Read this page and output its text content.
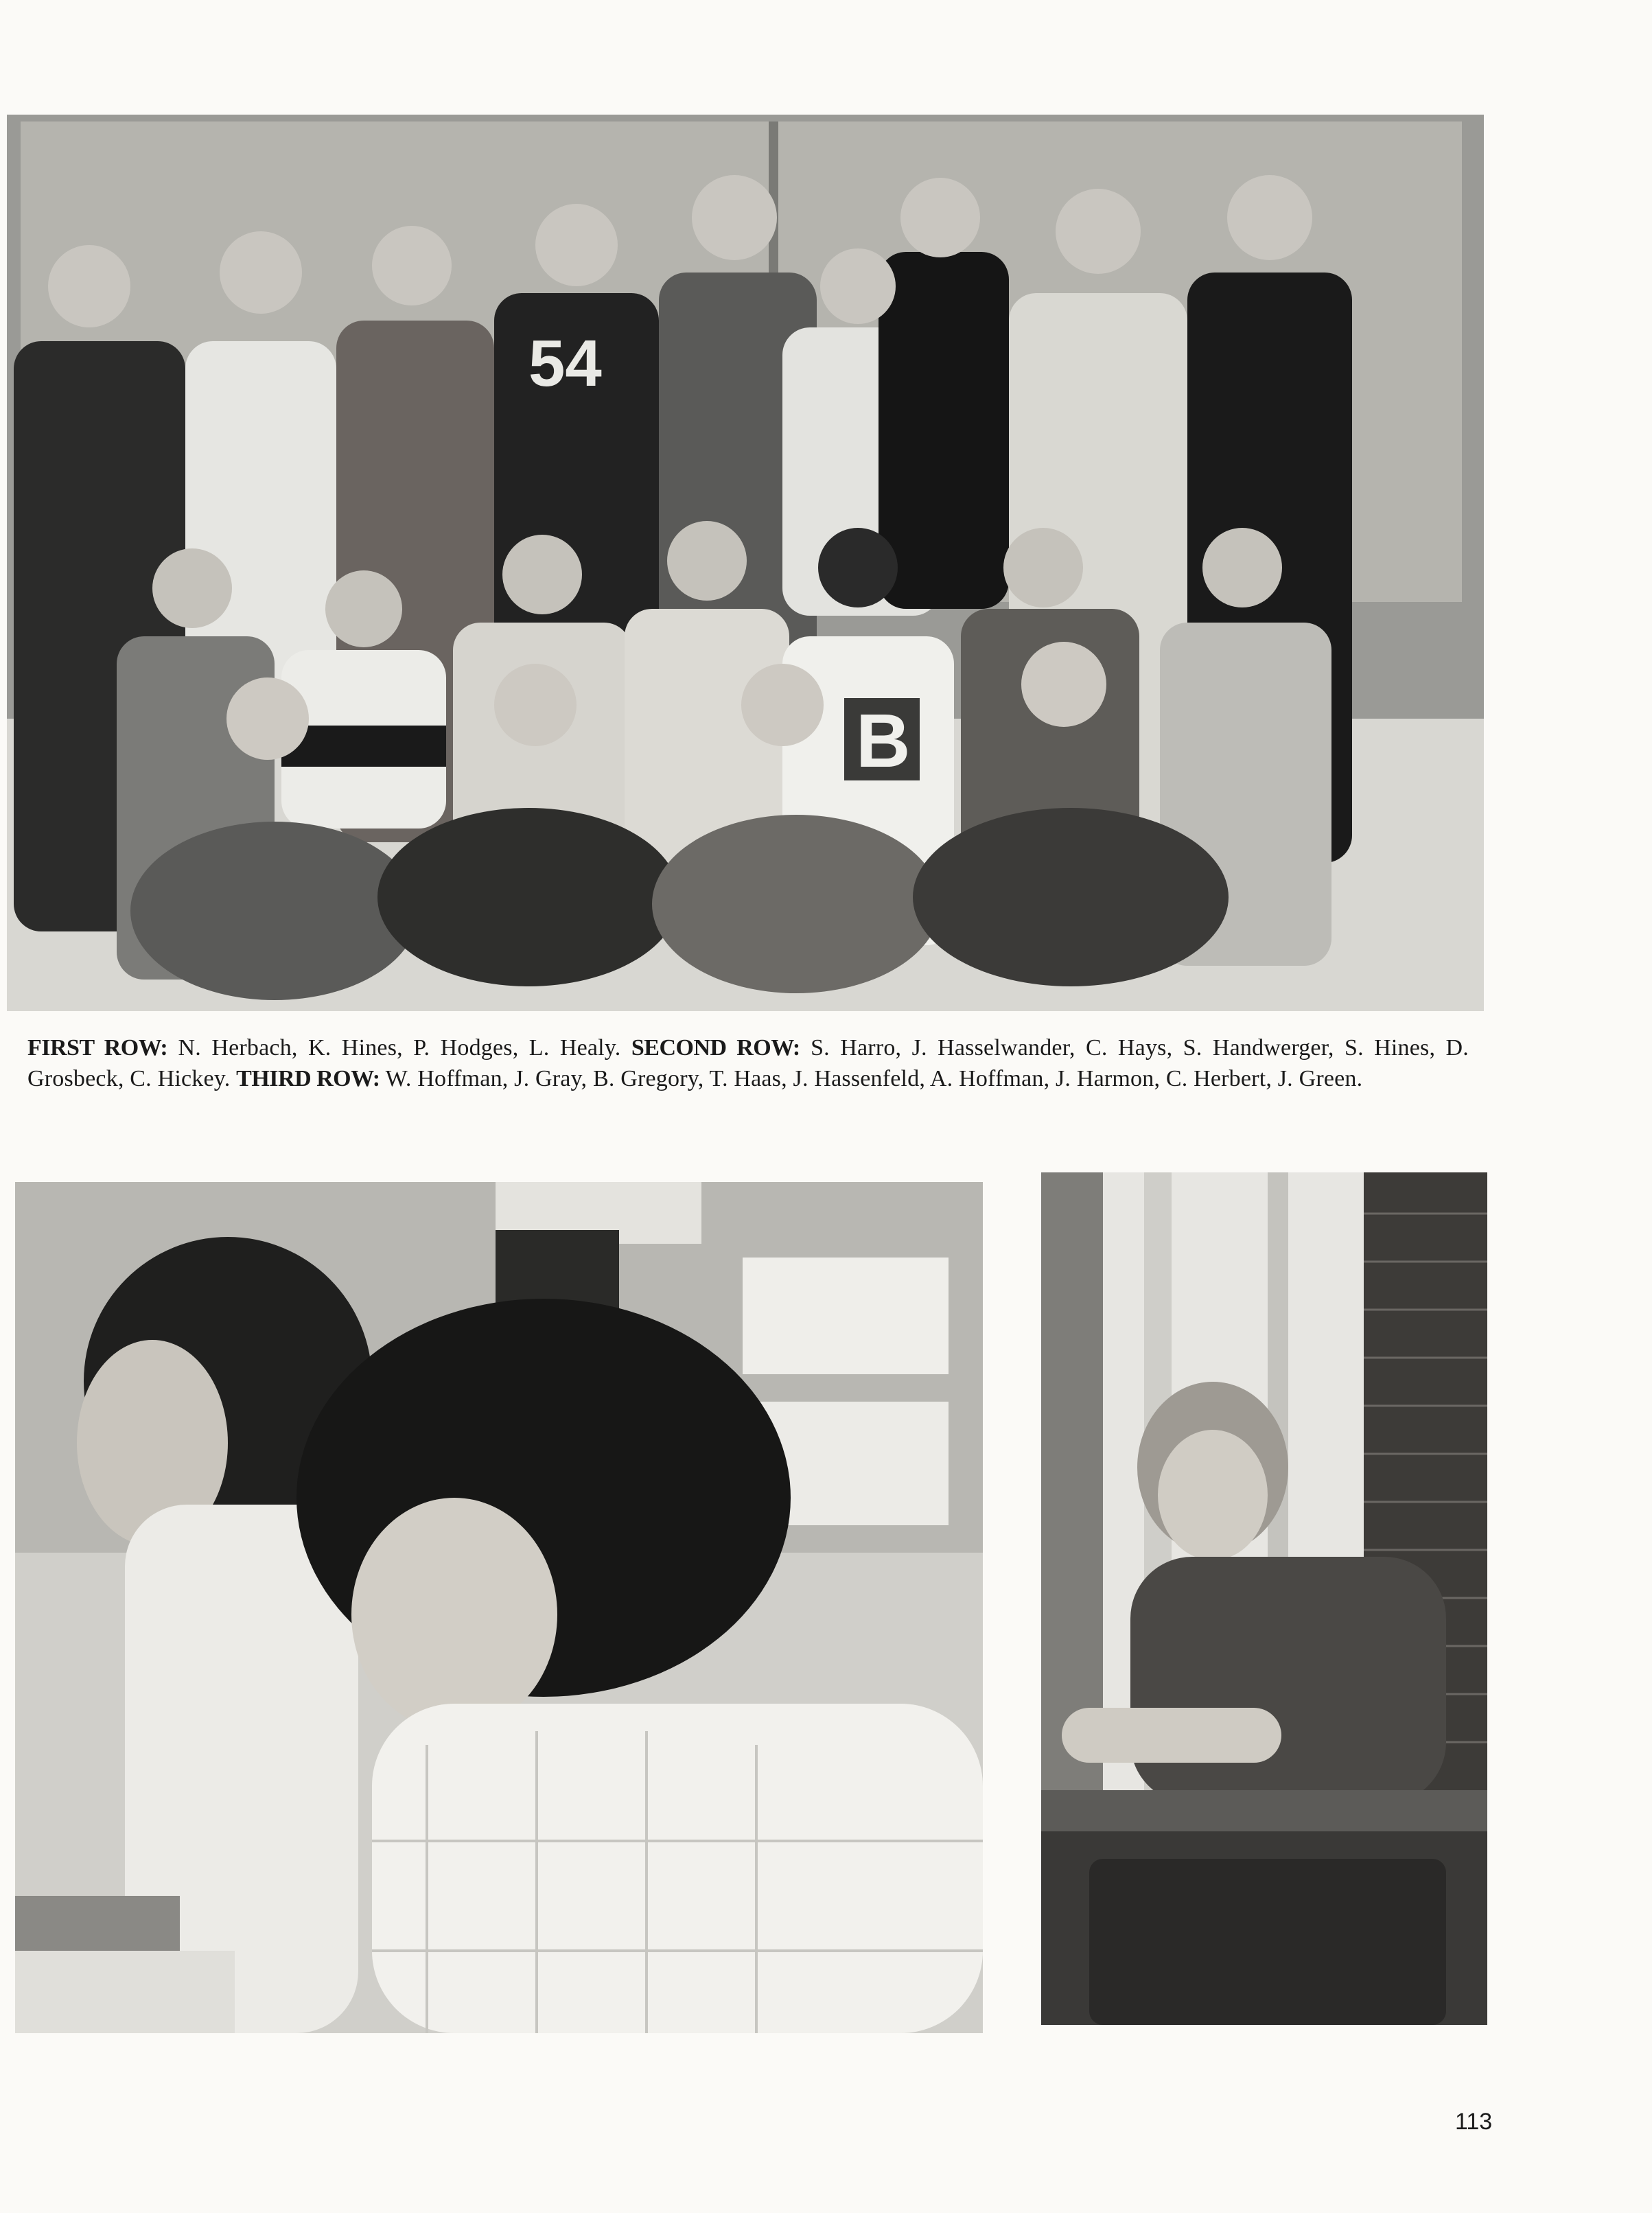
54
B
FIRST ROW: N. Herbach, K. Hines, P. Hodges, L. Healy. SECOND ROW: S. Harro, J. Hasselwander, C. Hays, S. Handwerger, S. Hines, D. Grosbeck, C. Hickey. THIRD ROW: W. Hoffman, J. Gray, B. Gregory, T. Haas, J. Hassenfeld, A. Hoffman, J. Harmon, C. Herbert, J. Green.
113
